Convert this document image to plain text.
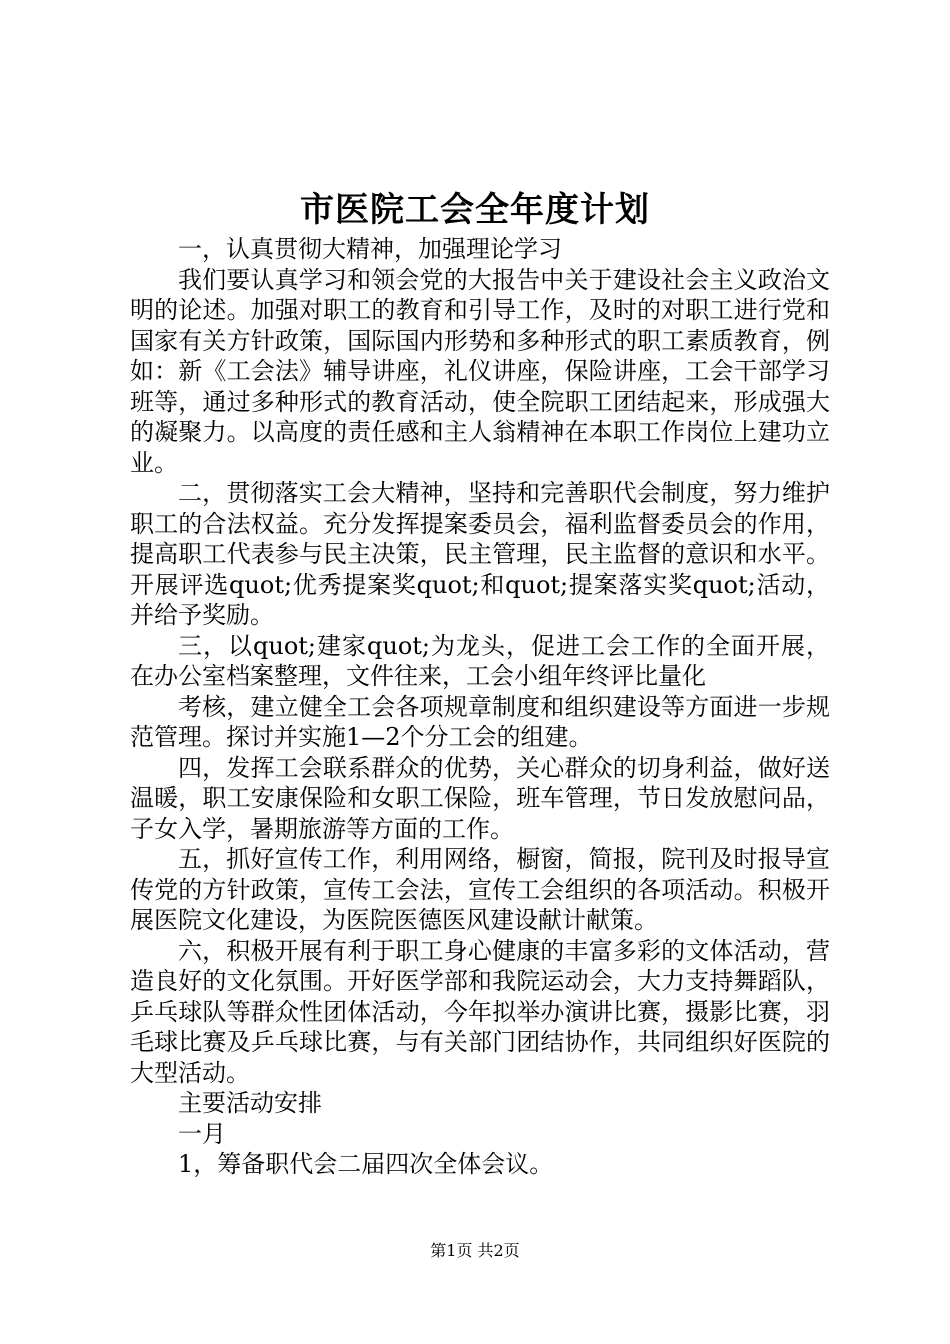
市医院工会全年度计划

一，认真贯彻大精神，加强理论学习

我们要认真学习和领会党的大报告中关于建设社会主义政治文明的论述。加强对职工的教育和引导工作，及时的对职工进行党和国家有关方针政策，国际国内形势和多种形式的职工素质教育，例如：新《工会法》辅导讲座，礼仪讲座，保险讲座，工会干部学习班等，通过多种形式的教育活动，使全院职工团结起来，形成强大的凝聚力。以高度的责任感和主人翁精神在本职工作岗位上建功立业。

二，贯彻落实工会大精神，坚持和完善职代会制度，努力维护职工的合法权益。充分发挥提案委员会，福利监督委员会的作用，提高职工代表参与民主决策，民主管理，民主监督的意识和水平。开展评选quot;优秀提案奖quot;和quot;提案落实奖quot;活动，并给予奖励。

三，以quot;建家quot;为龙头，促进工会工作的全面开展，在办公室档案整理，文件往来，工会小组年终评比量化

考核，建立健全工会各项规章制度和组织建设等方面进一步规范管理。探讨并实施1—2个分工会的组建。

四，发挥工会联系群众的优势，关心群众的切身利益，做好送温暖，职工安康保险和女职工保险，班车管理，节日发放慰问品，子女入学，暑期旅游等方面的工作。

五，抓好宣传工作，利用网络，橱窗，简报，院刊及时报导宣传党的方针政策，宣传工会法，宣传工会组织的各项活动。积极开展医院文化建设，为医院医德医风建设献计献策。

六，积极开展有利于职工身心健康的丰富多彩的文体活动，营造良好的文化氛围。开好医学部和我院运动会，大力支持舞蹈队，乒乓球队等群众性团体活动，今年拟举办演讲比赛，摄影比赛，羽毛球比赛及乒乓球比赛，与有关部门团结协作，共同组织好医院的大型活动。

主要活动安排

一月

1，筹备职代会二届四次全体会议。

第1页 共2页
